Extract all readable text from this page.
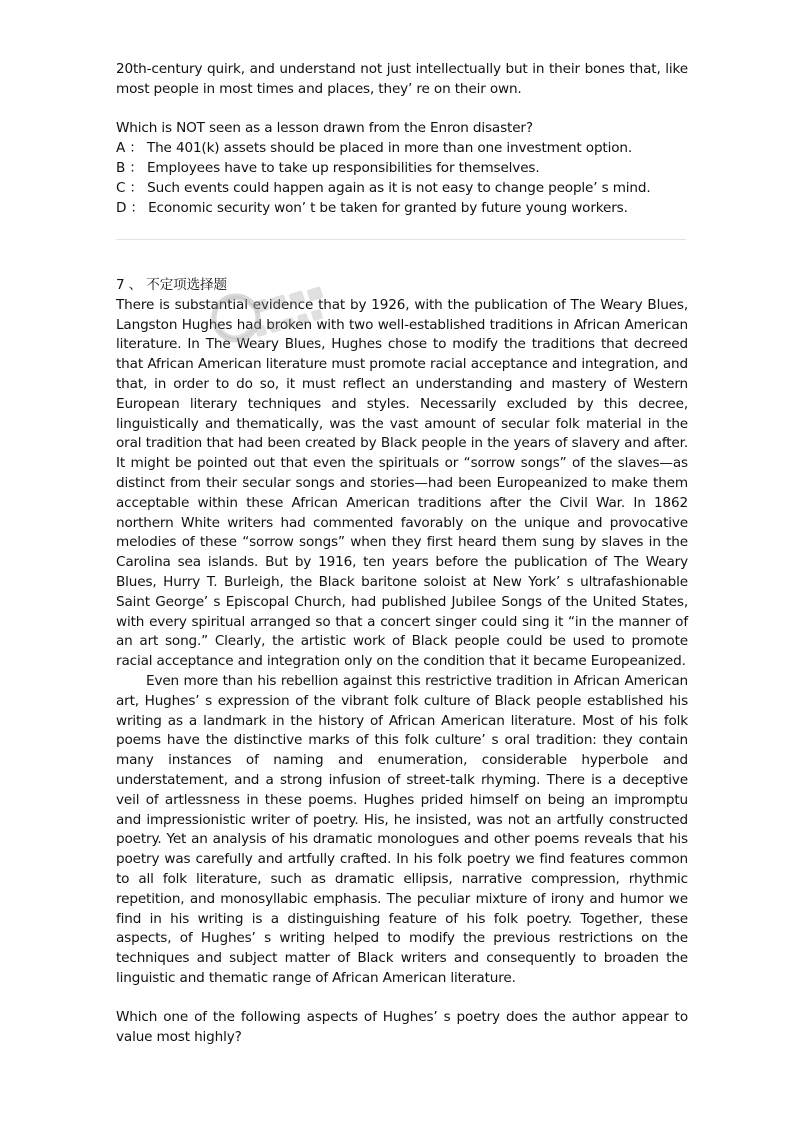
20th-century quirk, and understand not just intellectually but in their bones that, like most people in most times and places, they’ re on their own.

Which is NOT seen as a lesson drawn from the Enron disaster?

A ： The 401(k) assets should be placed in more than one investment option.
B ： Employees have to take up responsibilities for themselves.
C ： Such events could happen again as it is not easy to change people’ s mind.
D ： Economic security won’ t be taken for granted by future young workers.

7 、 不定项选择题

There is substantial evidence that by 1926, with the publication of The Weary Blues, Langston Hughes had broken with two well-established traditions in African American literature. In The Weary Blues, Hughes chose to modify the traditions that decreed that African American literature must promote racial acceptance and integration, and that, in order to do so, it must reflect an understanding and mastery of Western European literary techniques and styles. Necessarily excluded by this decree, linguistically and thematically, was the vast amount of secular folk material in the oral tradition that had been created by Black people in the years of slavery and after. It might be pointed out that even the spirituals or “sorrow songs” of the slaves—as distinct from their secular songs and stories—had been Europeanized to make them acceptable within these African American traditions after the Civil War. In 1862 northern White writers had commented favorably on the unique and provocative melodies of these “sorrow songs” when they first heard them sung by slaves in the Carolina sea islands. But by 1916, ten years before the publication of The Weary Blues, Hurry T. Burleigh, the Black baritone soloist at New York’ s ultrafashionable Saint George’ s Episcopal Church, had published Jubilee Songs of the United States, with every spiritual arranged so that a concert singer could sing it “in the manner of an art song.” Clearly, the artistic work of Black people could be used to promote racial acceptance and integration only on the condition that it became Europeanized.

Even more than his rebellion against this restrictive tradition in African American art, Hughes’ s expression of the vibrant folk culture of Black people established his writing as a landmark in the history of African American literature. Most of his folk poems have the distinctive marks of this folk culture’ s oral tradition: they contain many instances of naming and enumeration, considerable hyperbole and understatement, and a strong infusion of street-talk rhyming. There is a deceptive veil of artlessness in these poems. Hughes prided himself on being an impromptu and impressionistic writer of poetry. His, he insisted, was not an artfully constructed poetry. Yet an analysis of his dramatic monologues and other poems reveals that his poetry was carefully and artfully crafted. In his folk poetry we find features common to all folk literature, such as dramatic ellipsis, narrative compression, rhythmic repetition, and monosyllabic emphasis. The peculiar mixture of irony and humor we find in his writing is a distinguishing feature of his folk poetry. Together, these aspects, of Hughes’ s writing helped to modify the previous restrictions on the techniques and subject matter of Black writers and consequently to broaden the linguistic and thematic range of African American literature.

Which one of the following aspects of Hughes’ s poetry does the author appear to value most highly?
